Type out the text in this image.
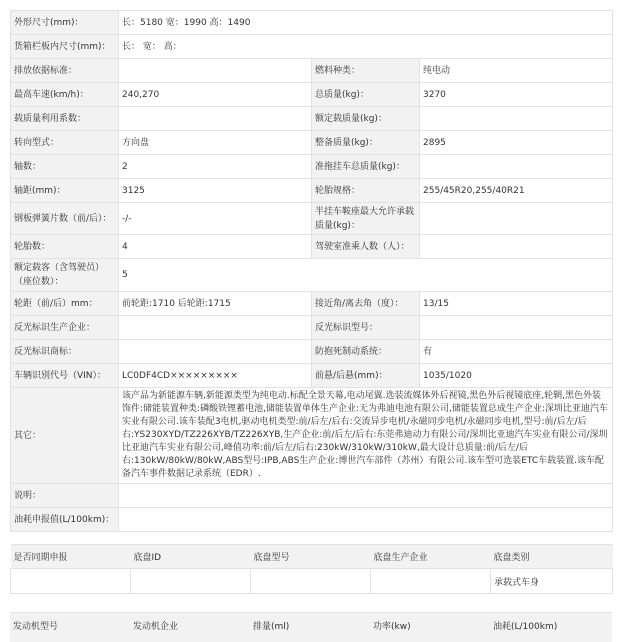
外形尺寸(mm)：	长：5180 宽：1990 高：1490		
货箱栏板内尺寸(mm)：	长： 宽： 高：		
排放依据标准：		燃料种类：	纯电动
最高车速(km/h)：	240,270	总质量(kg)：	3270
载质量利用系数：		额定载质量(kg)：	
转向型式：	方向盘	整备质量(kg)：	2895
轴数：	2	准拖挂车总质量(kg)：	
轴距(mm)：	3125	轮胎规格：	255/45R20,255/40R21
钢板弹簧片数（前/后）：	-/-	半挂车鞍座最大允许承载质量(kg)：	
轮胎数：	4	驾驶室准乘人数（人）：	
额定载客（含驾驶员）（座位数）：	5		
轮距（前/后）mm：	前轮距:1710 后轮距:1715	接近角/离去角（度）：	13/15
反光标识生产企业：		反光标识型号：	
反光标识商标：		防抱死制动系统：	有
车辆识别代号（VIN）：	LC0DF4CD×××××××××	前悬/后悬(mm)：	1035/1020
其它：	该产品为新能源车辆,新能源类型为纯电动.标配全景天幕,电动尾翼.选装流媒体外后视镜,黑色外后视镜底座,轮辋,黑色外装饰件:储能装置种类:磷酸铁锂蓄电池,储能装置单体生产企业:无为弗迪电池有限公司,储能装置总成生产企业:深圳比亚迪汽车实业有限公司.该车装配3电机,驱动电机类型:前/后左/后右:交流异步电机/永磁同步电机/永磁同步电机,型号:前/后左/后右:YS230XYD/TZ226XYB/TZ226XYB,生产企业:前/后左/后右:东莞弗迪动力有限公司/深圳比亚迪汽车实业有限公司/深圳比亚迪汽车实业有限公司,峰值功率:前/后左/后右:230kW/310kW/310kW,最大设计总质量:前/后左/后右:130kW/80kW/80kW,ABS型号:IPB,ABS生产企业:博世汽车部件（苏州）有限公司.该车型可选装ETC车载装置.该车配备汽车事件数据记录系统（EDR）.		
说明：			
油耗申报值(L/100km)：			
是否同期申报	底盘ID	底盘型号	底盘生产企业	底盘类别
				承载式车身
发动机型号	发动机企业	排量(ml)	功率(kw)	油耗(L/100km)
